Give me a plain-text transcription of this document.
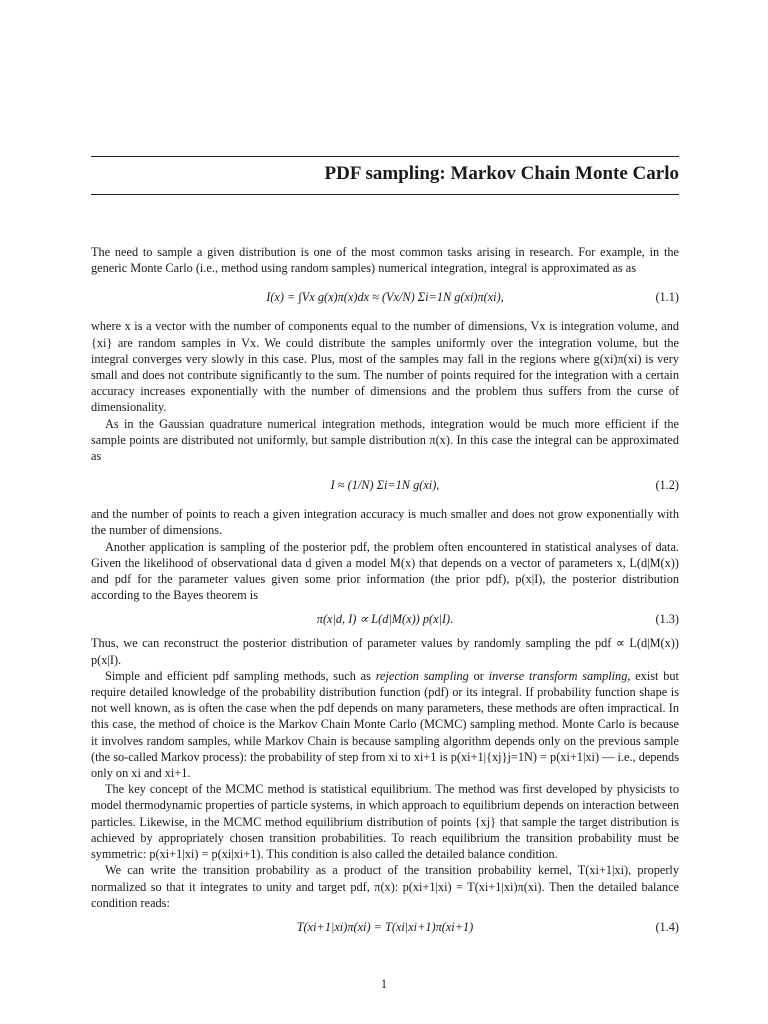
PDF sampling: Markov Chain Monte Carlo

The need to sample a given distribution is one of the most common tasks arising in research. For example, in the generic Monte Carlo (i.e., method using random samples) numerical integration, integral is approximated as as

I(x) = ∫Vx g(x)π(x)dx ≈ (Vx/N) Σi=1N g(xi)π(xi),	(1.1)

where x is a vector with the number of components equal to the number of dimensions, Vx is integration volume, and {xi} are random samples in Vx. We could distribute the samples uniformly over the integration volume, but the integral converges very slowly in this case. Plus, most of the samples may fall in the regions where g(xi)π(xi) is very small and does not contribute significantly to the sum. The number of points required for the integration with a certain accuracy increases exponentially with the number of dimensions and the problem thus suffers from the curse of dimensionality.

As in the Gaussian quadrature numerical integration methods, integration would be much more efficient if the sample points are distributed not uniformly, but sample distribution π(x). In this case the integral can be approximated as

I ≈ (1/N) Σi=1N g(xi),	(1.2)

and the number of points to reach a given integration accuracy is much smaller and does not grow exponentially with the number of dimensions.

Another application is sampling of the posterior pdf, the problem often encountered in statistical analyses of data. Given the likelihood of observational data d given a model M(x) that depends on a vector of parameters x, L(d|M(x)) and pdf for the parameter values given some prior information (the prior pdf), p(x|I), the posterior distribution according to the Bayes theorem is

π(x|d, I) ∝ L(d|M(x)) p(x|I).	(1.3)

Thus, we can reconstruct the posterior distribution of parameter values by randomly sampling the pdf ∝ L(d|M(x)) p(x|I).

Simple and efficient pdf sampling methods, such as rejection sampling or inverse transform sampling, exist but require detailed knowledge of the probability distribution function (pdf) or its integral. If probability function shape is not well known, as is often the case when the pdf depends on many parameters, these methods are often impractical. In this case, the method of choice is the Markov Chain Monte Carlo (MCMC) sampling method. Monte Carlo is because it involves random samples, while Markov Chain is because sampling algorithm depends only on the previous sample (the so-called Markov process): the probability of step from xi to xi+1 is p(xi+1|{xj}j=1N) = p(xi+1|xi) — i.e., depends only on xi and xi+1.

The key concept of the MCMC method is statistical equilibrium. The method was first developed by physicists to model thermodynamic properties of particle systems, in which approach to equilibrium depends on interaction between particles. Likewise, in the MCMC method equilibrium distribution of points {xj} that sample the target distribution is achieved by appropriately chosen transition probabilities. To reach equilibrium the transition probability must be symmetric: p(xi+1|xi) = p(xi|xi+1). This condition is also called the detailed balance condition.

We can write the transition probability as a product of the transition probability kernel, T(xi+1|xi), properly normalized so that it integrates to unity and target pdf, π(x): p(xi+1|xi) = T(xi+1|xi)π(xi). Then the detailed balance condition reads:

T(xi+1|xi)π(xi) = T(xi|xi+1)π(xi+1)	(1.4)
1
